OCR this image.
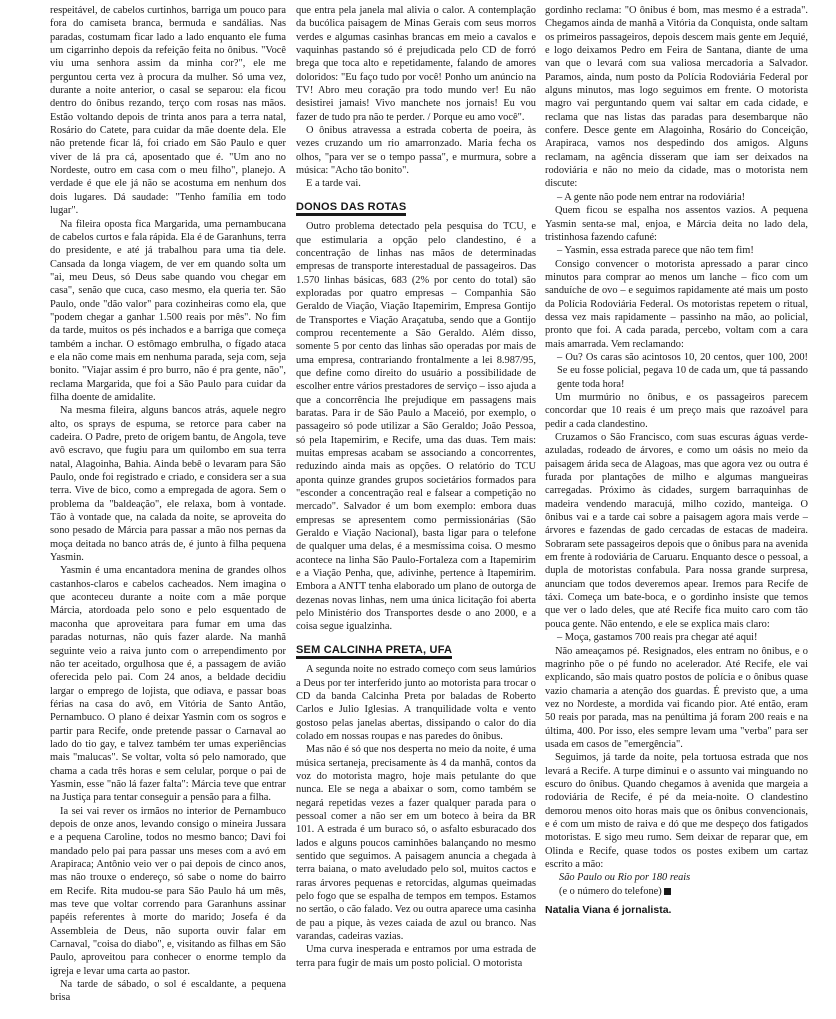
respeitável, de cabelos curtinhos, barriga um pouco para fora do camiseta branca, bermuda e sandálias. Nas paradas, costumam ficar lado a lado enquanto ele fuma um cigarrinho depois da refeição feita no ônibus. "Você viu uma senhora assim da minha cor?", ele me perguntou certa vez à procura da mulher. Só uma vez, durante a noite anterior, o casal se separou: ela ficou dentro do ônibus rezando, terço com rosas nas mãos. Estão voltando depois de trinta anos para a terra natal, Rosário do Catete, para cuidar da mãe doente dela. Ele não pretende ficar lá, foi criado em São Paulo e quer viver de lá pra cá, aposentado que é. "Um ano no Nordeste, outro em casa com o meu filho", planejo. A verdade é que ele já não se acostuma em nenhum dos dois lugares. Dá saudade: "Tenho família em todo lugar".

Na fileira oposta fica Margarida, uma pernambucana de cabelos curtos e fala rápida. Ela é de Garanhuns, terra do presidente, e até já trabalhou para uma tia dele. Cansada da longa viagem, de ver em quando solta um "ai, meu Deus, só Deus sabe quando vou chegar em casa", senão que cuca, caso mesmo, ela queria ter. São Paulo, onde "dão valor" para cozinheiras como ela, que "podem chegar a ganhar 1.500 reais por mês". No fim da tarde, muitos os pés inchados e a barriga que começa também a inchar. O estômago embrulha, o fígado ataca e ela não come mais em nenhuma parada, seja com, seja bonito. "Viajar assim é pro burro, não é pra gente, não", reclama Margarida, que foi a São Paulo para cuidar da filha doente de amidalite.

Na mesma fileira, alguns bancos atrás, aquele negro alto, os sprays de espuma, se retorce para caber na cadeira. O Padre, preto de origem bantu, de Angola, teve avô escravo, que fugiu para um quilombo em sua terra natal, Alagoinha, Bahia. Ainda bebê o levaram para São Paulo, onde foi registrado e criado, e considera ser a sua terra. Vive de bico, como a empregada de agora. Sem o problema da "baldeação", ele relaxa, bom à vontade. Tão à vontade que, na calada da noite, se aproveita do sono pesado de Márcia para passar a mão nos pernas da moça deitada no banco atrás de, é junto à filha pequena Yasmin.

Yasmin é uma encantadora menina de grandes olhos castanhos-claros e cabelos cacheados. Nem imagina o que aconteceu durante a noite com a mãe porque Márcia, atordoada pelo sono e pelo esquentado de maconha que aproveitara para fumar em uma das paradas noturnas, não quis fazer alarde. Na manhã seguinte veio a raiva junto com o arrependimento por não ter aceitado, orgulhosa que é, a passagem de avião oferecida pelo pai. Com 24 anos, a beldade decidiu largar o emprego de lojista, que odiava, e passar boas férias na casa do avô, em Vitória de Santo Antão, Pernambuco. O plano é deixar Yasmin com os sogros e partir para Recife, onde pretende passar o Carnaval ao lado do tio gay, e talvez também ter umas experiências mais "malucas". Se voltar, volta só pelo namorado, que chama a cada três horas e sem celular, porque o pai de Yasmin, esse "não lá fazer falta": Márcia teve que entrar na Justiça para tentar conseguir a pensão para a filha.

Ia sei vai rever os irmãos no interior de Pernambuco depois de onze anos, levando consigo o mineira Jussara e a pequena Caroline, todos no mesmo banco; Davi foi mandado pelo pai para passar uns meses com a avó em Arapiraca; Antônio veio ver o pai depois de cinco anos, mas não trouxe o endereço, só sabe o nome do bairro em Recife. Rita mudou-se para São Paulo há um mês, mas teve que voltar correndo para Garanhuns assinar papéis referentes à morte do marido; Josefa é da Assembleia de Deus, não suporta ouvir falar em Carnaval, "coisa do diabo", e, visitando as filhas em São Paulo, aproveitou para conhecer o enorme templo da igreja e levar uma carta ao pastor.

Na tarde de sábado, o sol é escaldante, a pequena brisa

que entra pela janela mal alivia o calor. A contemplação da bucólica paisagem de Minas Gerais com seus morros verdes e algumas casinhas brancas em meio a cavalos e vaquinhas pastando só é prejudicada pelo CD de forró brega que toca alto e repetidamente, falando de amores doloridos: "Eu faço tudo por você! Ponho um anúncio na TV! Abro meu coração pra todo mundo ver! Eu não desistirei jamais! Vivo manchete nos jornais! Eu vou fazer de tudo pra não te perder. / Porque eu amo você".

O ônibus atravessa a estrada coberta de poeira, às vezes cruzando um rio amarronzado. Maria fecha os olhos, "para ver se o tempo passa", e murmura, sobre a música: "Acho tão bonito".

E a tarde vai.

DONOS DAS ROTAS

Outro problema detectado pela pesquisa do TCU, e que estimularia a opção pelo clandestino, é a concentração de linhas nas mãos de determinadas empresas de transporte interestadual de passageiros. Das 1.570 linhas básicas, 683 (2% por cento do total) são exploradas por quatro empresas – Companhia São Geraldo de Viação, Viação Itapemirim, Empresa Gontijo de Transportes e Viação Araçatuba, sendo que a Gontijo comprou recentemente a São Geraldo. Além disso, somente 5 por cento das linhas são operadas por mais de uma empresa, contrariando frontalmente a lei 8.987/95, que define como direito do usuário a possibilidade de escolher entre vários prestadores de serviço – isso ajuda a que a concorrência lhe prejudique em passagens mais baratas. Para ir de São Paulo a Maceió, por exemplo, o passageiro só pode utilizar a São Geraldo; João Pessoa, só pela Itapemirim, e Recife, uma das duas. Tem mais: muitas empresas acabam se associando a concorrentes, reduzindo ainda mais as opções. O relatório do TCU aponta quinze grandes grupos societários formados para "esconder a concentração real e falsear a competição no mercado". Salvador é um bom exemplo: embora duas empresas se apresentem como permissionárias (São Geraldo e Viação Nacional), basta ligar para o telefone de qualquer uma delas, é a mesmíssima coisa. O mesmo acontece na linha São Paulo-Fortaleza com a Itapemirim e a Viação Penha, que, adivinhe, pertence à Itapemirim. Embora a ANTT tenha elaborado um plano de outorga de dezenas novas linhas, nem uma única licitação foi aberta pelo Ministério dos Transportes desde o ano 2000, e a coisa segue igualzinha.

SEM CALCINHA PRETA, UFA

A segunda noite no estrado começo com seus lamúrios a Deus por ter interferido junto ao motorista para trocar o CD da banda Calcinha Preta por baladas de Roberto Carlos e Julio Iglesias. A tranquilidade volta e vento gostoso pelas janelas abertas, dissipando o calor do dia colado em nossas roupas e nas paredes do ônibus.

Mas não é só que nos desperta no meio da noite, é uma música sertaneja, precisamente às 4 da manhã, contos da voz do motorista magro, hoje mais petulante do que nunca. Ele se nega a abaixar o som, como também se negará repetidas vezes a fazer qualquer parada para o pessoal comer a não ser em um boteco à beira da BR 101. A estrada é um buraco só, o asfalto esburacado dos lados e alguns poucos caminhões balançando no mesmo sentido que seguimos. A paisagem anuncia a chegada à terra baiana, o mato aveludado pelo sol, muitos cactos e raras árvores pequenas e retorcidas, algumas queimadas pelo fogo que se espalha de tempos em tempos. Estamos no sertão, o cão falado. Vez ou outra aparece uma casinha de pau a pique, às vezes caiada de azul ou branco. Nas varandas, cadeiras vazias.

Uma curva inesperada e entramos por uma estrada de terra para fugir de mais um posto policial. O motorista

gordinho reclama: "O ônibus é bom, mas mesmo é a estrada". Chegamos ainda de manhã a Vitória da Conquista, onde saltam os primeiros passageiros, depois descem mais gente em Jequié, e logo deixamos Pedro em Feira de Santana, diante de uma van que o levará com sua valiosa mercadoria a Salvador. Paramos, ainda, num posto da Polícia Rodoviária Federal por alguns minutos, mas logo seguimos em frente. O motorista magro vai perguntando quem vai saltar em cada cidade, e reclama que nas listas das paradas para desembarque não confere. Desce gente em Alagoinha, Rosário do Conceição, Arapiraca, vamos nos despedindo dos amigos. Alguns reclamam, na agência disseram que iam ser deixados na rodoviária e não no meio da cidade, mas o motorista nem discute:

– A gente não pode nem entrar na rodoviária!

Quem ficou se espalha nos assentos vazios. A pequena Yasmin senta-se mal, enjoa, e Márcia deita no lado dela, tristinhosa fazendo cafuné:

– Yasmin, essa estrada parece que não tem fim!

Consigo convencer o motorista apressado a parar cinco minutos para comprar ao menos um lanche – fico com um sanduíche de ovo – e seguimos rapidamente até mais um posto da Polícia Rodoviária Federal. Os motoristas repetem o ritual, dessa vez mais rapidamente – passinho na mão, ao policial, pronto que foi. A cada parada, percebo, voltam com a cara mais amarrada. Vem reclamando:

– Ou? Os caras são acintosos 10, 20 centos, quer 100, 200! Se eu fosse policial, pegava 10 de cada um, que tá passando gente toda hora!

Um murmúrio no ônibus, e os passageiros parecem concordar que 10 reais é um preço mais que razoável para pedir a cada clandestino.

Cruzamos o São Francisco, com suas escuras águas verde-azuladas, rodeado de árvores, e como um oásis no meio da paisagem árida seca de Alagoas, mas que agora vez ou outra é furada por plantações de milho e algumas mangueiras carregadas. Próximo às cidades, surgem barraquinhas de madeira vendendo maracujá, milho cozido, manteiga. O ônibus vai e a tarde cai sobre a paisagem agora mais verde – árvores e fazendas de gado cercadas de estacas de madeira. Sobraram sete passageiros depois que o ônibus para na avenida em frente à rodoviária de Caruaru. Enquanto desce o pessoal, a dupla de motoristas confabula. Para nossa grande surpresa, anunciam que todos deveremos apear. Iremos para Recife de táxi. Começa um bate-boca, e o gordinho insiste que temos que ver o lado deles, que até Recife fica muito caro com tão pouca gente. Não entendo, e ele se explica mais claro:

– Moça, gastamos 700 reais pra chegar até aqui!

Não ameaçamos pé. Resignados, eles entram no ônibus, e o magrinho põe o pé fundo no acelerador. Até Recife, ele vai explicando, são mais quatro postos de polícia e o ônibus quase vazio chamaria a atenção dos guardas. É previsto que, a uma vez no Nordeste, a mordida vai ficando pior. Até então, eram 50 reais por parada, mas na penúltima já foram 200 reais e na última, 400. Por isso, eles sempre levam uma "verba" para ser usada em casos de "emergência".

Seguimos, já tarde da noite, pela tortuosa estrada que nos levará a Recife. A turpe diminui e o assunto vai minguando no escuro do ônibus. Quando chegamos à avenida que margeia a rodoviária de Recife, é pé da meia-noite. O clandestino demorou menos oito horas mais que os ônibus convencionais, e é com um misto de raiva e dó que me despeço dos fatigados motoristas. E sigo meu rumo. Sem deixar de reparar que, em Olinda e Recife, quase todos os postes exibem um cartaz escrito a mão:

São Paulo ou Rio por 180 reais

(e o número do telefone)

Natalia Viana é jornalista.
